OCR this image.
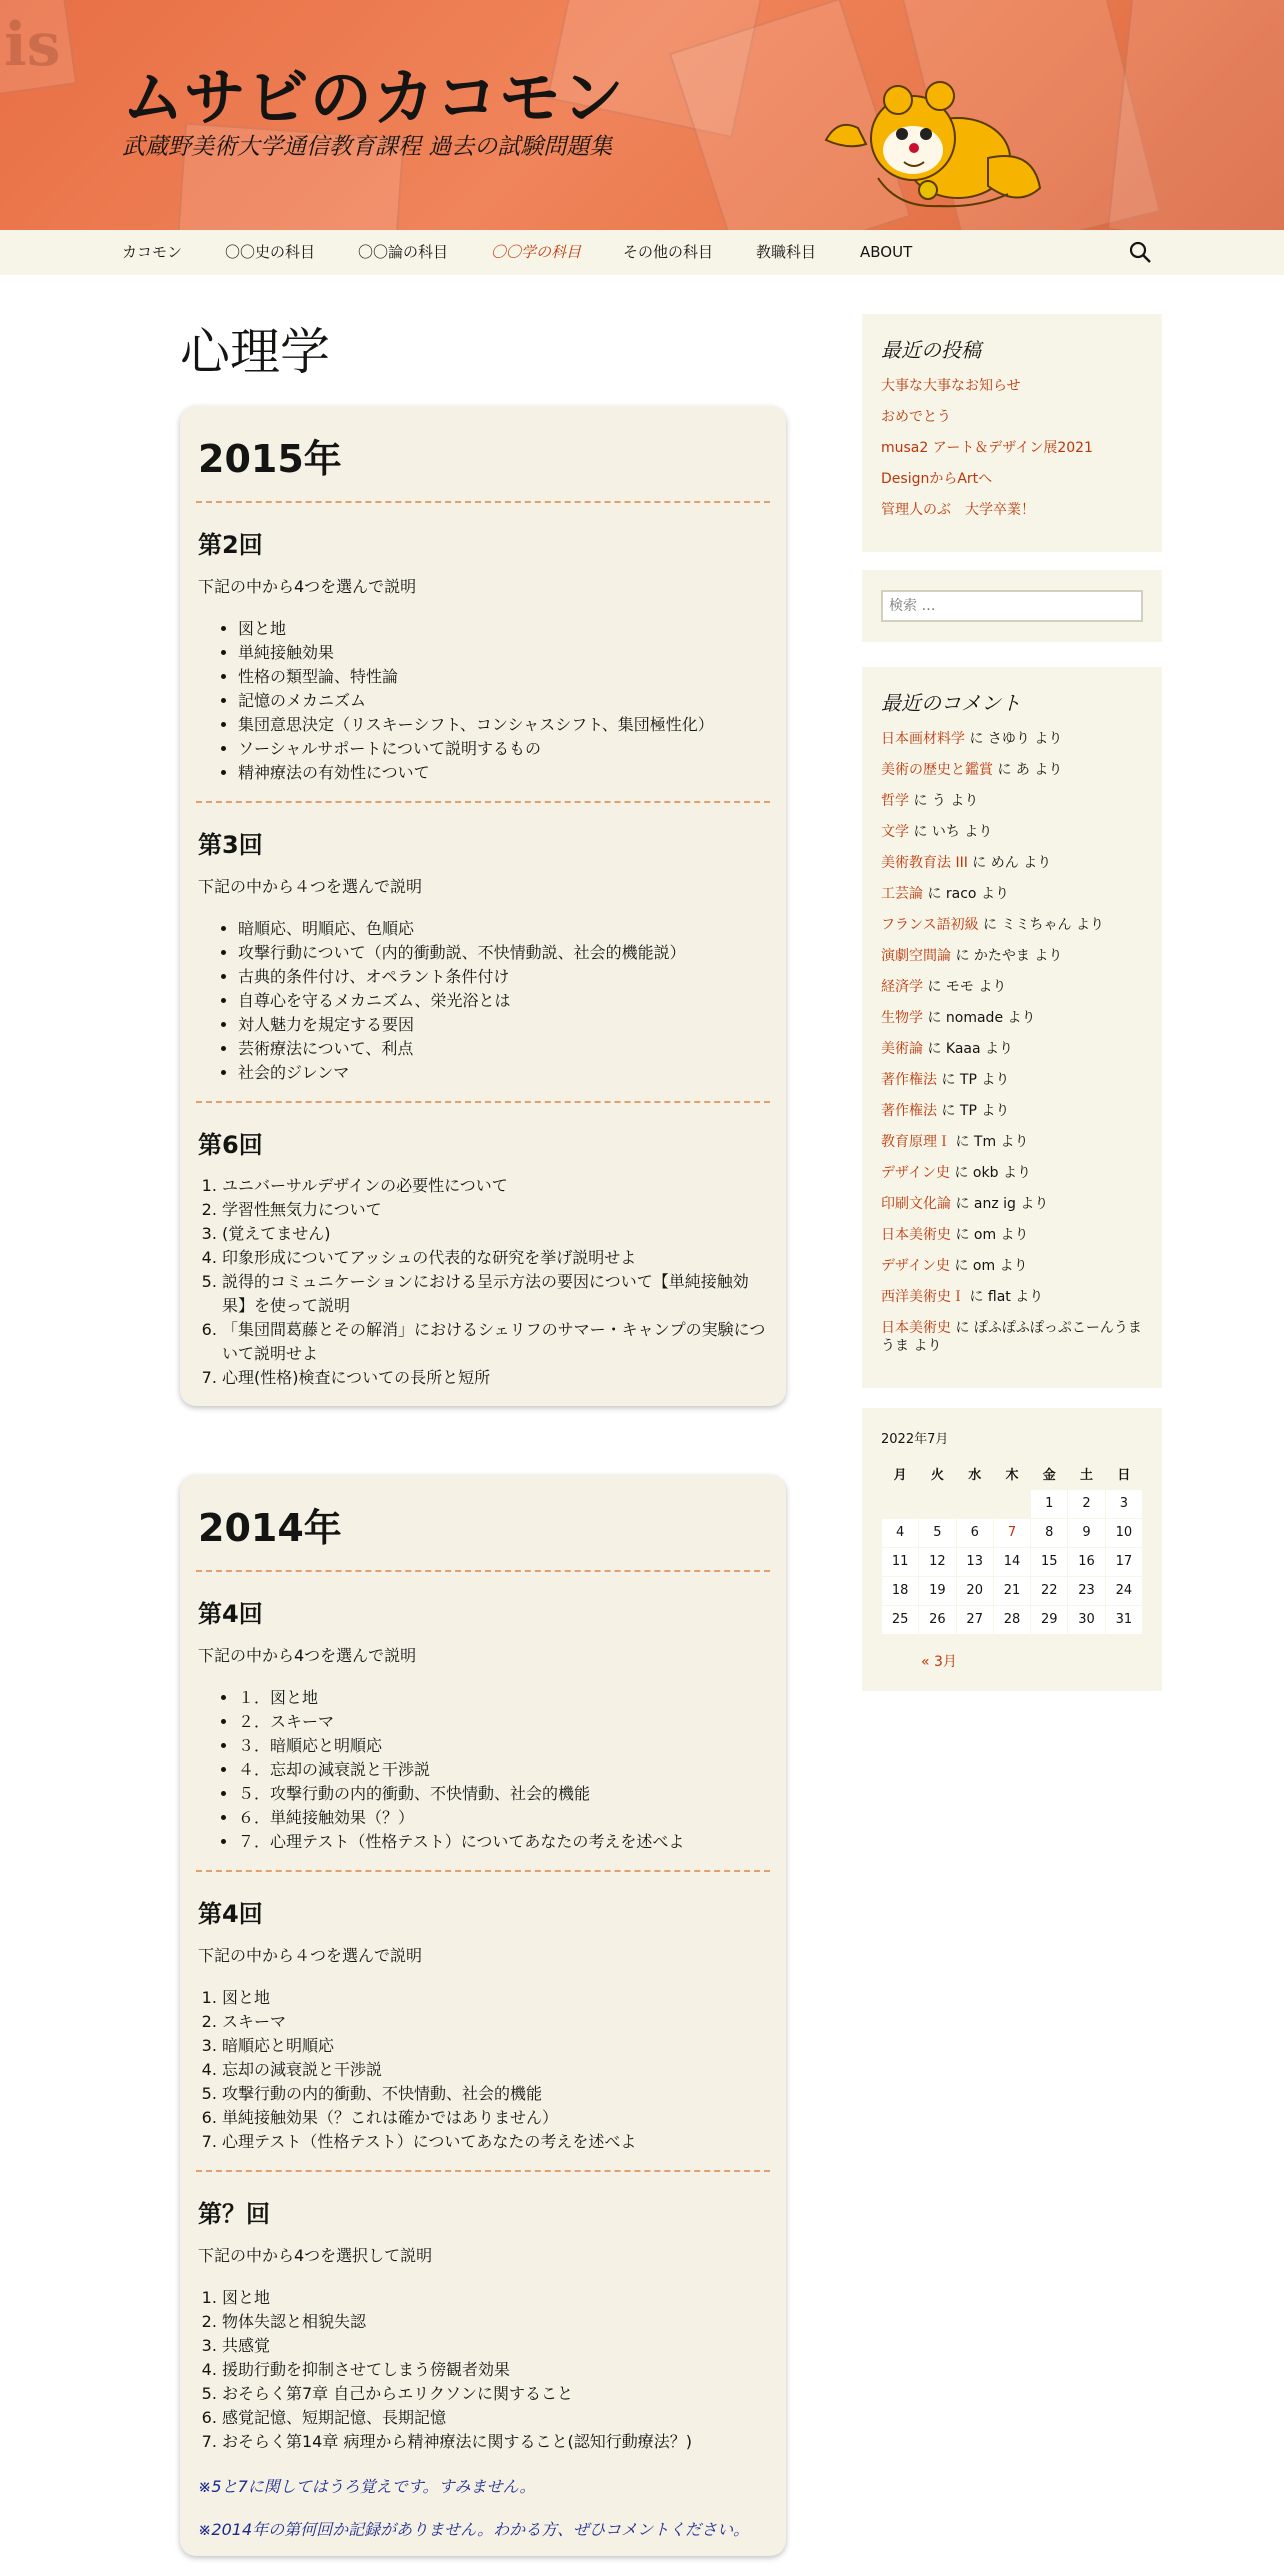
is
ムサビのカコモン
武蔵野美術大学通信教育課程 過去の試験問題集
カコモン	〇〇史の科目	〇〇論の科目	〇〇学の科目	その他の科目	教職科目	ABOUT
心理学
2015年
第2回

下記の中から4つを選んで説明

• 図と地
• 単純接触効果
• 性格の類型論、特性論
• 記憶のメカニズム
• 集団意思決定（リスキーシフト、コンシャスシフト、集団極性化）
• ソーシャルサポートについて説明するもの
• 精神療法の有効性について
第3回

下記の中から４つを選んで説明

• 暗順応、明順応、色順応
• 攻撃行動について（内的衝動説、不快情動説、社会的機能説）
• 古典的条件付け、オペラント条件付け
• 自尊心を守るメカニズム、栄光浴とは
• 対人魅力を規定する要因
• 芸術療法について、利点
• 社会的ジレンマ
第6回
1. ユニバーサルデザインの必要性について
2. 学習性無気力について
3. (覚えてません)
4. 印象形成についてアッシュの代表的な研究を挙げ説明せよ
5. 説得的コミュニケーションにおける呈示方法の要因について【単純接触効果】を使って説明
6. 「集団間葛藤とその解消」におけるシェリフのサマー・キャンプの実験について説明せよ
7. 心理(性格)検査についての長所と短所
2014年
第4回

下記の中から4つを選んで説明

• １．図と地
• ２．スキーマ
• ３．暗順応と明順応
• ４．忘却の減衰説と干渉説
• ５．攻撃行動の内的衝動、不快情動、社会的機能
• ６．単純接触効果（？）
• ７．心理テスト（性格テスト）についてあなたの考えを述べよ
第4回

下記の中から４つを選んで説明

1. 図と地
2. スキーマ
3. 暗順応と明順応
4. 忘却の減衰説と干渉説
5. 攻撃行動の内的衝動、不快情動、社会的機能
6. 単純接触効果（？これは確かではありません）
7. 心理テスト（性格テスト）についてあなたの考えを述べよ
第？回

下記の中から4つを選択して説明

1. 図と地
2. 物体失認と相貌失認
3. 共感覚
4. 援助行動を抑制させてしまう傍観者効果
5. おそらく第7章 自己からエリクソンに関すること
6. 感覚記憶、短期記憶、長期記憶
7. おそらく第14章 病理から精神療法に関すること(認知行動療法？)

※5と7に関してはうろ覚えです。すみません。

※2014年の第何回か記録がありません。わかる方、ぜひコメントください。

最近の投稿
大事な大事なお知らせ
おめでとう
musa2 アート＆デザイン展2021
DesignからArtへ
管理人のぶ　大学卒業！
検索 …
最近のコメント
日本画材料学 に さゆり より
美術の歴史と鑑賞 に あ より
哲学 に う より
文学 に いち より
美術教育法 III に めん より
工芸論 に raco より
フランス語初級 に ミミちゃん より
演劇空間論 に かたやま より
経済学 に モモ より
生物学 に nomade より
美術論 に Kaaa より
著作権法 に TP より
著作権法 に TP より
教育原理Ｉ に Tm より
デザイン史 に okb より
印刷文化論 に anz ig より
日本美術史 に om より
デザイン史 に om より
西洋美術史Ｉ に flat より
日本美術史 に ぽふぽふぽっぷこーんうまうま より
2022年7月
月	火	水	木	金	土	日
				1	2	3
4	5	6	7	8	9	10
11	12	13	14	15	16	17
18	19	20	21	22	23	24
25	26	27	28	29	30	31
« 3月
